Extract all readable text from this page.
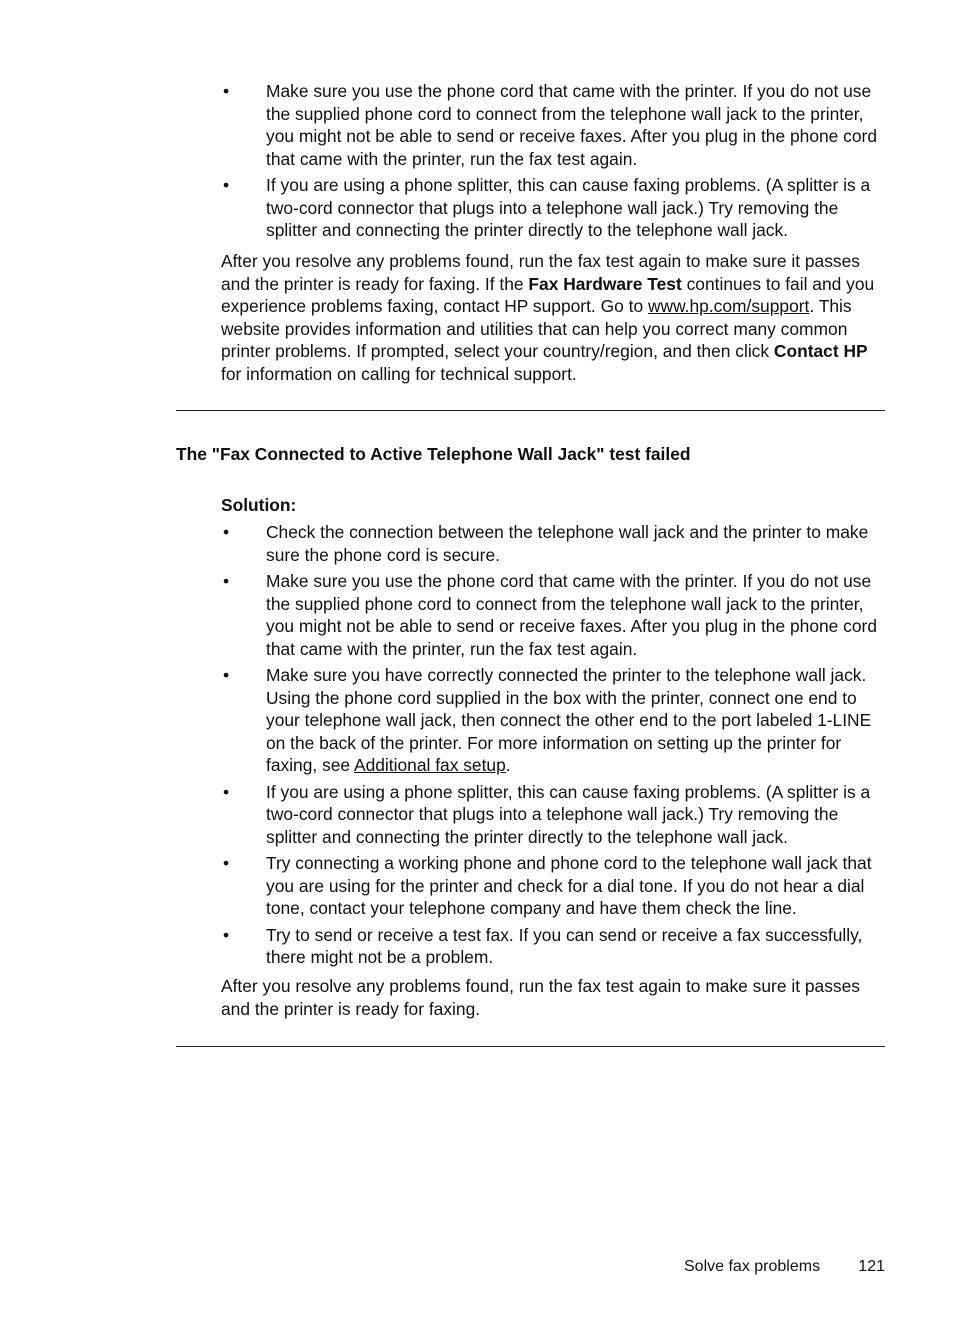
• Make sure you use the phone cord that came with the printer. If you do not use the supplied phone cord to connect from the telephone wall jack to the printer, you might not be able to send or receive faxes. After you plug in the phone cord that came with the printer, run the fax test again.
• If you are using a phone splitter, this can cause faxing problems. (A splitter is a two-cord connector that plugs into a telephone wall jack.) Try removing the splitter and connecting the printer directly to the telephone wall jack.
After you resolve any problems found, run the fax test again to make sure it passes and the printer is ready for faxing. If the Fax Hardware Test continues to fail and you experience problems faxing, contact HP support. Go to www.hp.com/support. This website provides information and utilities that can help you correct many common printer problems. If prompted, select your country/region, and then click Contact HP for information on calling for technical support.
The "Fax Connected to Active Telephone Wall Jack" test failed
Solution:
• Check the connection between the telephone wall jack and the printer to make sure the phone cord is secure.
• Make sure you use the phone cord that came with the printer. If you do not use the supplied phone cord to connect from the telephone wall jack to the printer, you might not be able to send or receive faxes. After you plug in the phone cord that came with the printer, run the fax test again.
• Make sure you have correctly connected the printer to the telephone wall jack. Using the phone cord supplied in the box with the printer, connect one end to your telephone wall jack, then connect the other end to the port labeled 1-LINE on the back of the printer. For more information on setting up the printer for faxing, see Additional fax setup.
• If you are using a phone splitter, this can cause faxing problems. (A splitter is a two-cord connector that plugs into a telephone wall jack.) Try removing the splitter and connecting the printer directly to the telephone wall jack.
• Try connecting a working phone and phone cord to the telephone wall jack that you are using for the printer and check for a dial tone. If you do not hear a dial tone, contact your telephone company and have them check the line.
• Try to send or receive a test fax. If you can send or receive a fax successfully, there might not be a problem.
After you resolve any problems found, run the fax test again to make sure it passes and the printer is ready for faxing.
Solve fax problems 121
